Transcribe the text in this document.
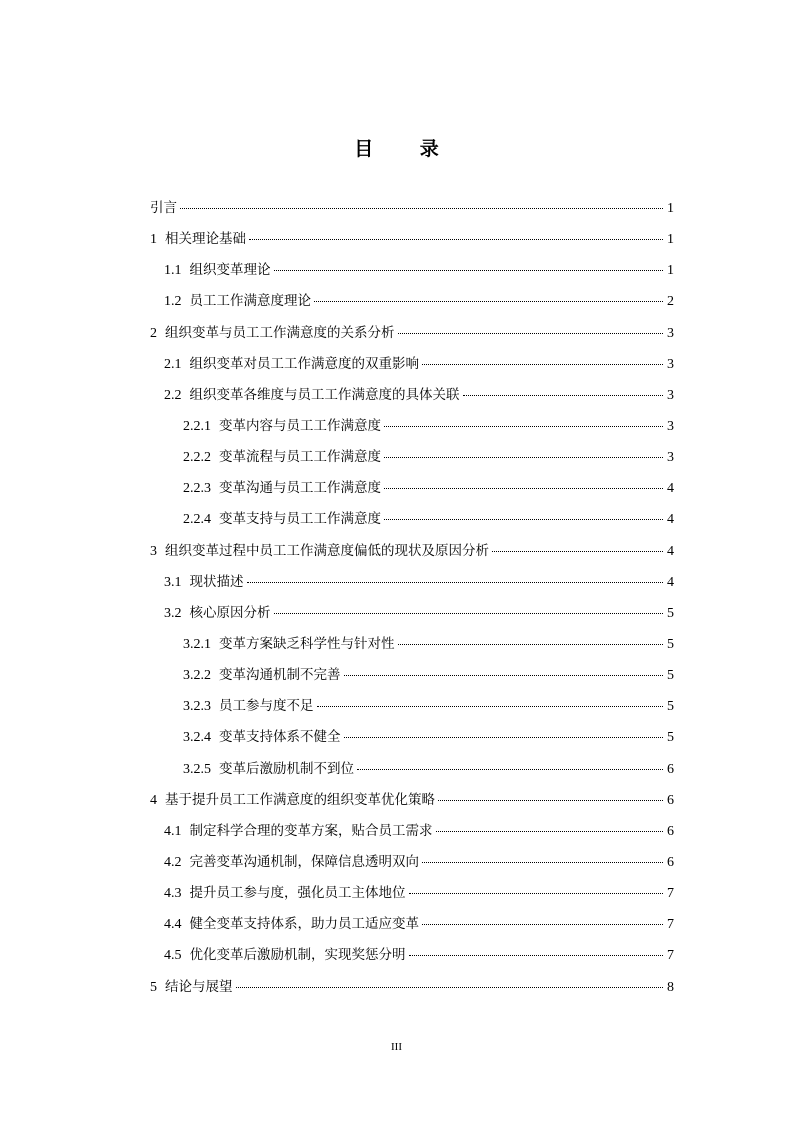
目 录
引言	1
1 相关理论基础	1
1.1 组织变革理论	1
1.2 员工工作满意度理论	2
2 组织变革与员工工作满意度的关系分析	3
2.1 组织变革对员工工作满意度的双重影响	3
2.2 组织变革各维度与员工工作满意度的具体关联	3
2.2.1 变革内容与员工工作满意度	3
2.2.2 变革流程与员工工作满意度	3
2.2.3 变革沟通与员工工作满意度	4
2.2.4 变革支持与员工工作满意度	4
3 组织变革过程中员工工作满意度偏低的现状及原因分析	4
3.1 现状描述	4
3.2 核心原因分析	5
3.2.1 变革方案缺乏科学性与针对性	5
3.2.2 变革沟通机制不完善	5
3.2.3 员工参与度不足	5
3.2.4 变革支持体系不健全	5
3.2.5 变革后激励机制不到位	6
4 基于提升员工工作满意度的组织变革优化策略	6
4.1 制定科学合理的变革方案，贴合员工需求	6
4.2 完善变革沟通机制，保障信息透明双向	6
4.3 提升员工参与度，强化员工主体地位	7
4.4 健全变革支持体系，助力员工适应变革	7
4.5 优化变革后激励机制，实现奖惩分明	7
5 结论与展望	8
III
